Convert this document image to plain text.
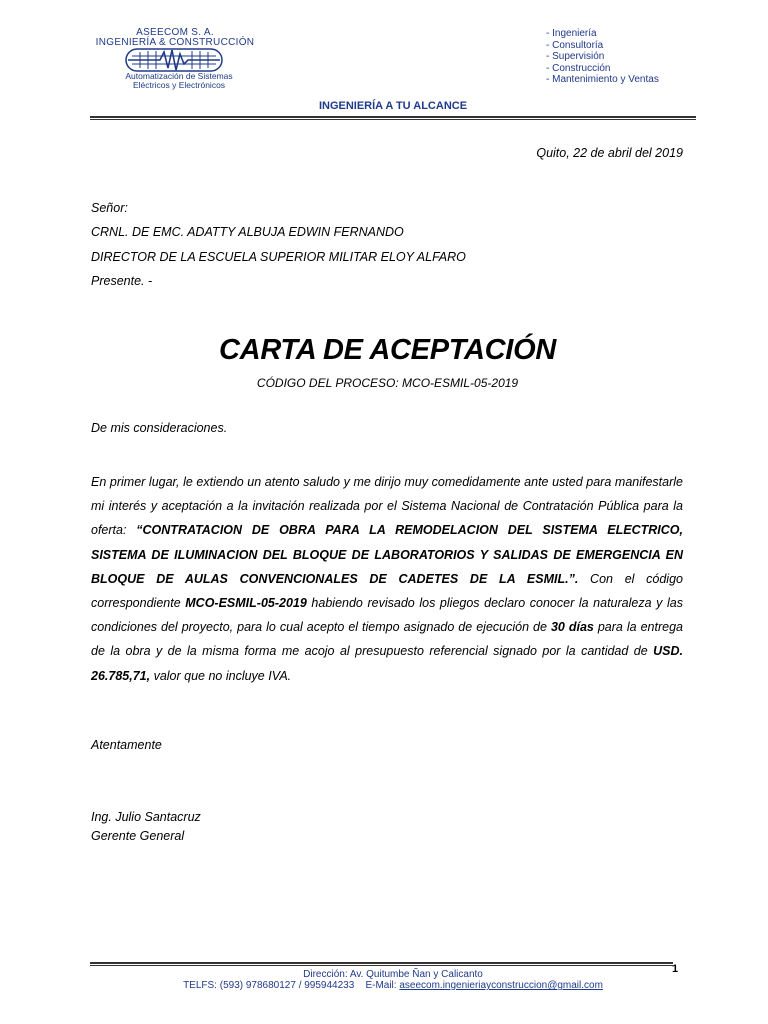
ASEECOM S. A.
INGENIERÍA & CONSTRUCCIÓN
Automatización de Sistemas
Eléctricos y Electrónicos
- Ingeniería
- Consultoría
- Supervisión
- Construcción
- Mantenimiento y Ventas
INGENIERÍA A TU ALCANCE
Quito, 22 de abril del 2019
Señor:
CRNL. DE EMC. ADATTY ALBUJA EDWIN FERNANDO
DIRECTOR DE LA ESCUELA SUPERIOR MILITAR ELOY ALFARO
Presente. -
CARTA DE ACEPTACIÓN
CÓDIGO DEL PROCESO: MCO-ESMIL-05-2019
De mis consideraciones.
En primer lugar, le extiendo un atento saludo y me dirijo muy comedidamente ante usted para manifestarle mi interés y aceptación a la invitación realizada por el Sistema Nacional de Contratación Pública para la oferta: “CONTRATACION DE OBRA PARA LA REMODELACION DEL SISTEMA ELECTRICO, SISTEMA DE ILUMINACION DEL BLOQUE DE LABORATORIOS Y SALIDAS DE EMERGENCIA EN BLOQUE DE AULAS CONVENCIONALES DE CADETES DE LA ESMIL.”. Con el código correspondiente MCO-ESMIL-05-2019 habiendo revisado los pliegos declaro conocer la naturaleza y las condiciones del proyecto, para lo cual acepto el tiempo asignado de ejecución de 30 días para la entrega de la obra y de la misma forma me acojo al presupuesto referencial signado por la cantidad de USD. 26.785,71, valor que no incluye IVA.
Atentamente
Ing. Julio Santacruz
Gerente General
1
Dirección: Av. Quitumbe Ñan y Calicanto
TELFS: (593) 978680127 / 995944233 E-Mail: aseecom.ingenieriayconstruccion@gmail.com
